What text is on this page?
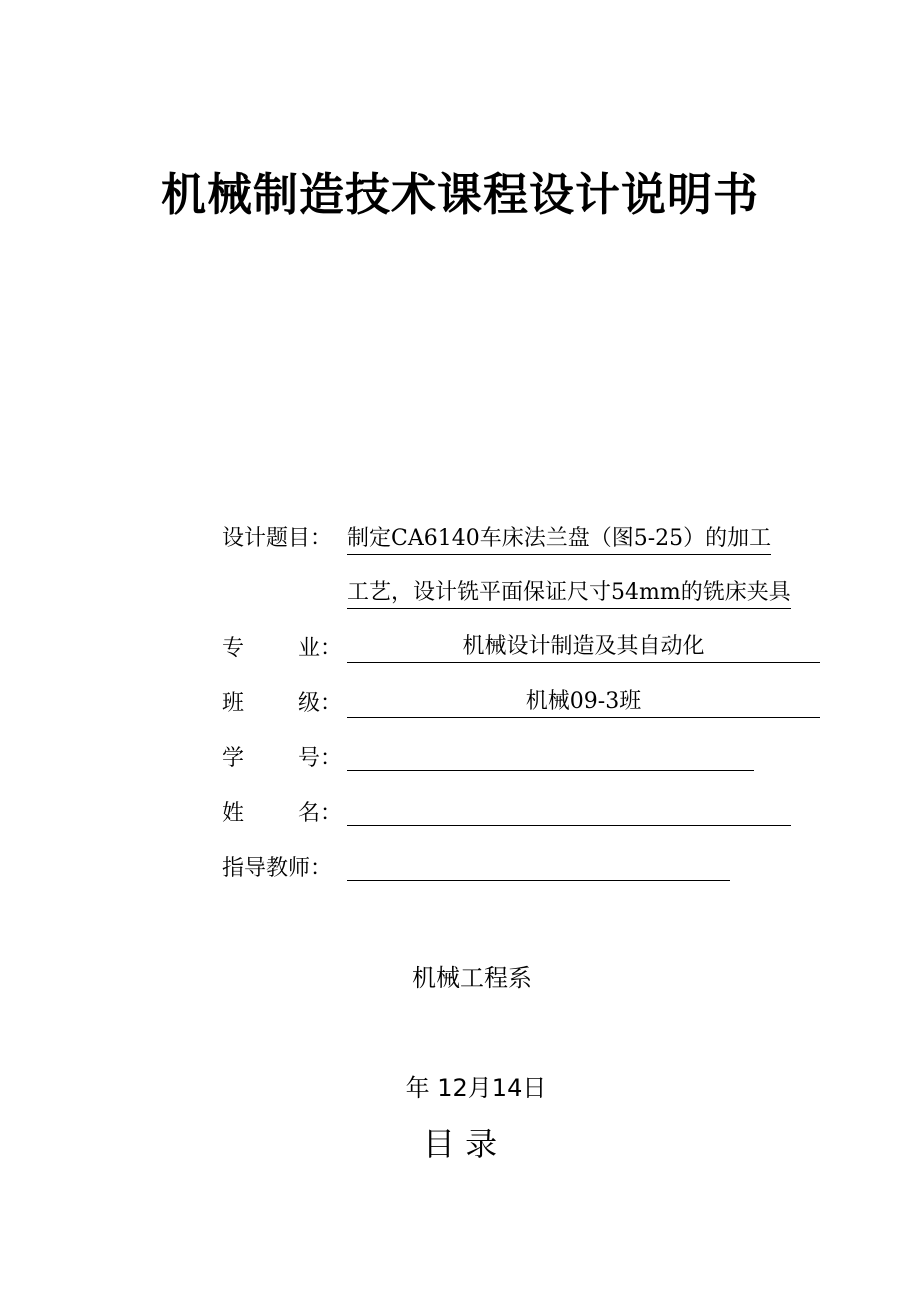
机械制造技术课程设计说明书
设计题目： 制定CA6140车床法兰盘（图5-25）的加工
工艺，设计铣平面保证尺寸54mm的铣床夹具
专 业：	机械设计制造及其自动化
班 级：	机械09-3班
学 号：
姓 名：
指导教师：
机械工程系
年 12月14日
目 录
